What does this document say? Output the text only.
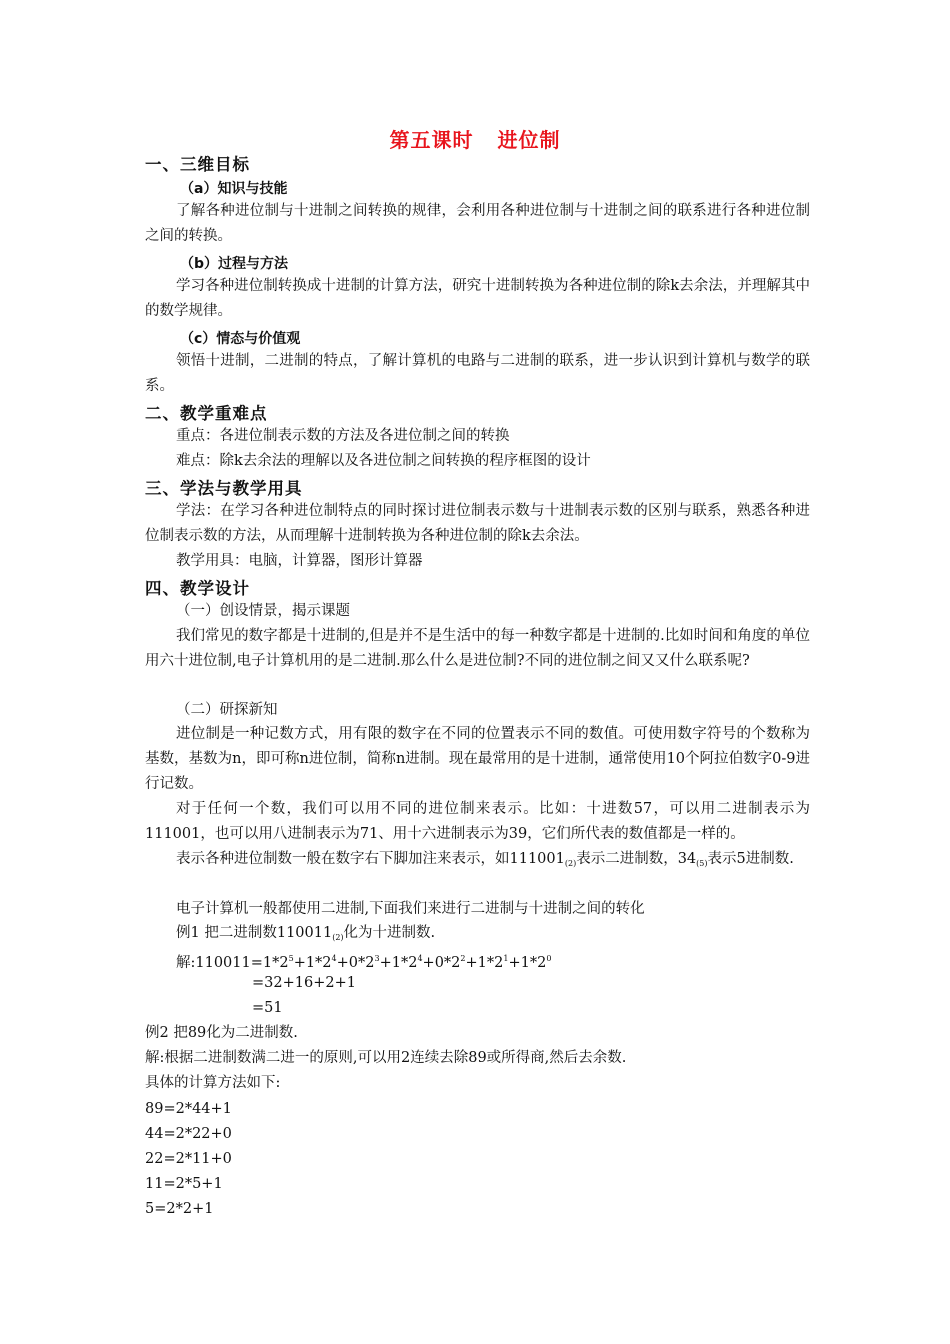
第五课时 进位制
一、三维目标
（a）知识与技能
了解各种进位制与十进制之间转换的规律，会利用各种进位制与十进制之间的联系进行各种进位制之间的转换。
（b）过程与方法
学习各种进位制转换成十进制的计算方法，研究十进制转换为各种进位制的除k去余法，并理解其中的数学规律。
（c）情态与价值观
领悟十进制，二进制的特点，了解计算机的电路与二进制的联系，进一步认识到计算机与数学的联系。
二、教学重难点
重点：各进位制表示数的方法及各进位制之间的转换
难点：除k去余法的理解以及各进位制之间转换的程序框图的设计
三、学法与教学用具
学法：在学习各种进位制特点的同时探讨进位制表示数与十进制表示数的区别与联系，熟悉各种进位制表示数的方法，从而理解十进制转换为各种进位制的除k去余法。
教学用具：电脑，计算器，图形计算器
四、教学设计
（一）创设情景，揭示课题
我们常见的数字都是十进制的,但是并不是生活中的每一种数字都是十进制的.比如时间和角度的单位用六十进位制,电子计算机用的是二进制.那么什么是进位制?不同的进位制之间又又什么联系呢?
（二）研探新知
进位制是一种记数方式，用有限的数字在不同的位置表示不同的数值。可使用数字符号的个数称为基数，基数为n，即可称n进位制，简称n进制。现在最常用的是十进制，通常使用10个阿拉伯数字0-9进行记数。
对于任何一个数，我们可以用不同的进位制来表示。比如：十进数57，可以用二进制表示为111001，也可以用八进制表示为71、用十六进制表示为39，它们所代表的数值都是一样的。
表示各种进位制数一般在数字右下脚加注来表示，如$111001_{(2)}$表示二进制数，$34_{(5)}$表示5进制数.
电子计算机一般都使用二进制,下面我们来进行二进制与十进制之间的转化
例1 把二进制数$110011_{(2)}$化为十进制数.
解$:110011=1*2^5+1*2^4+0*2^3+1*2^4+0*2^2+1*2^1+1*2^0$
=32+16+2+1
=51
例2 把89化为二进制数.
解:根据二进制数满二进一的原则,可以用2连续去除89或所得商,然后去余数.
具体的计算方法如下:
89=2*44+1
44=2*22+0
22=2*11+0
11=2*5+1
5=2*2+1
